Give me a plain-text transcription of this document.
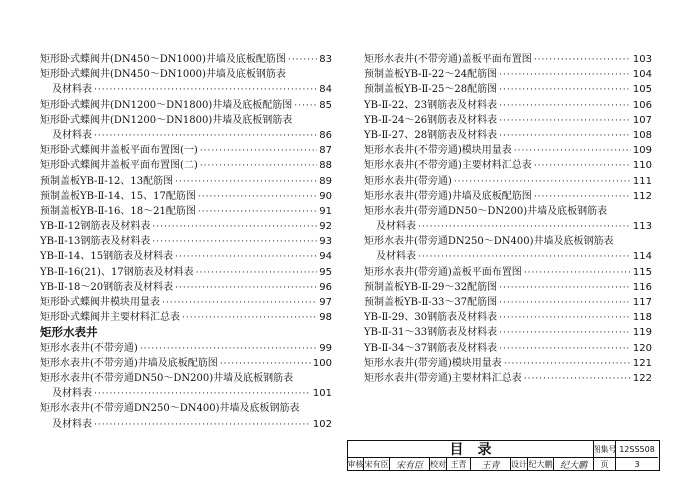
矩形卧式蝶阀井(DN450～DN1000)井墙及底板配筋图 ·····	83
矩形卧式蝶阀井(DN450～DN1000)井墙及底板钢筋表
及材料表 ·····	84
矩形卧式蝶阀井(DN1200～DN1800)井墙及底板配筋图 ·····	85
矩形卧式蝶阀井(DN1200～DN1800)井墙及底板钢筋表
及材料表 ·····	86
矩形卧式蝶阀井盖板平面布置图(一) ·····	87
矩形卧式蝶阀井盖板平面布置图(二) ·····	88
预制盖板YB-Ⅱ-12、13配筋图 ·····	89
预制盖板YB-Ⅱ-14、15、17配筋图 ·····	90
预制盖板YB-Ⅱ-16、18～21配筋图 ·····	91
YB-Ⅱ-12钢筋表及材料表 ·····	92
YB-Ⅱ-13钢筋表及材料表 ·····	93
YB-Ⅱ-14、15钢筋表及材料表 ·····	94
YB-Ⅱ-16(21)、17钢筋表及材料表 ·····	95
YB-Ⅱ-18～20钢筋表及材料表 ·····	96
矩形卧式蝶阀井模块用量表 ·····	97
矩形卧式蝶阀井主要材料汇总表 ·····	98
矩形水表井
矩形水表井(不带旁通) ·····	99
矩形水表井(不带旁通)井墙及底板配筋图 ·····	100
矩形水表井(不带旁通DN50～DN200)井墙及底板钢筋表
及材料表 ·····	101
矩形水表井(不带旁通DN250～DN400)井墙及底板钢筋表
及材料表 ·····	102
矩形水表井(不带旁通)盖板平面布置图 ·····	103
预制盖板YB-Ⅱ-22～24配筋图 ·····	104
预制盖板YB-Ⅱ-25～28配筋图 ·····	105
YB-Ⅱ-22、23钢筋表及材料表 ·····	106
YB-Ⅱ-24～26钢筋表及材料表 ·····	107
YB-Ⅱ-27、28钢筋表及材料表 ·····	108
矩形水表井(不带旁通)模块用量表 ·····	109
矩形水表井(不带旁通)主要材料汇总表 ·····	110
矩形水表井(带旁通) ·····	111
矩形水表井(带旁通)井墙及底板配筋图 ·····	112
矩形水表井(带旁通DN50～DN200)井墙及底板钢筋表
及材料表 ·····	113
矩形水表井(带旁通DN250～DN400)井墙及底板钢筋表
及材料表 ·····	114
矩形水表井(带旁通)盖板平面布置图 ·····	115
预制盖板YB-Ⅱ-29～32配筋图 ·····	116
预制盖板YB-Ⅱ-33～37配筋图 ·····	117
YB-Ⅱ-29、30钢筋表及材料表 ·····	118
YB-Ⅱ-31～33钢筋表及材料表 ·····	119
YB-Ⅱ-34～37钢筋表及材料表 ·····	120
矩形水表井(带旁通)模块用量表 ·····	121
矩形水表井(带旁通)主要材料汇总表 ·····	122
目录	图集号 12SS508
审核 宋有臣 宋有臣 校对 王青	王青	设计 纪大鹏 纪大鹏	页	3
